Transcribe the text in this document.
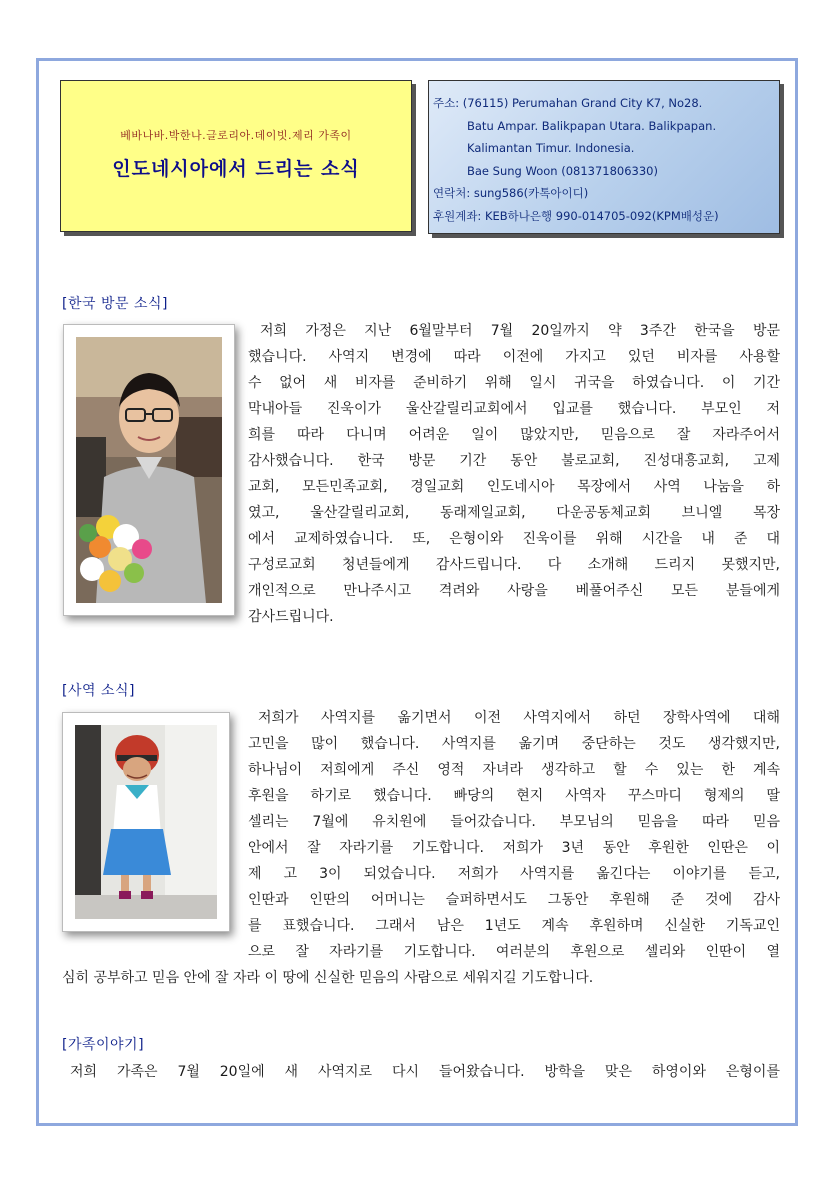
베바나바.박한나.글로리아.데이빗.제리 가족이
인도네시아에서 드리는 소식
주소: (76115) Perumahan Grand City K7, No28.
Batu Ampar. Balikpapan Utara. Balikpapan.
Kalimantan Timur. Indonesia.
Bae Sung Woon (081371806330)
연락처: sung586(카톡아이디)
후원계좌: KEB하나은행 990-014705-092(KPM배성운)
[한국 방문 소식]
저희 가정은 지난 6월말부터 7월 20일까지 약 3주간 한국을 방문
했습니다. 사역지 변경에 따라 이전에 가지고 있던 비자를 사용할
수 없어 새 비자를 준비하기 위해 일시 귀국을 하였습니다. 이 기간
막내아들 진욱이가 울산갈릴리교회에서 입교를 했습니다. 부모인 저
희를 따라 다니며 어려운 일이 많았지만, 믿음으로 잘 자라주어서
감사했습니다. 한국 방문 기간 동안 불로교회, 진성대흥교회, 고제
교회, 모든민족교회, 경일교회 인도네시아 목장에서 사역 나눔을 하
였고, 울산갈릴리교회, 동래제일교회, 다운공동체교회 브니엘 목장
에서 교제하였습니다. 또, 은형이와 진욱이를 위해 시간을 내 준 대
구성로교회 청년들에게 감사드립니다. 다 소개해 드리지 못했지만,
개인적으로 만나주시고 격려와 사랑을 베풀어주신 모든 분들에게
감사드립니다.
[사역 소식]
저희가 사역지를 옮기면서 이전 사역지에서 하던 장학사역에 대해
고민을 많이 했습니다. 사역지를 옮기며 중단하는 것도 생각했지만,
하나님이 저희에게 주신 영적 자녀라 생각하고 할 수 있는 한 계속
후원을 하기로 했습니다. 빠당의 현지 사역자 꾸스마디 형제의 딸
셀리는 7월에 유치원에 들어갔습니다. 부모님의 믿음을 따라 믿음
안에서 잘 자라기를 기도합니다. 저희가 3년 동안 후원한 인딴은 이
제 고 3이 되었습니다. 저희가 사역지를 옮긴다는 이야기를 듣고,
인딴과 인딴의 어머니는 슬퍼하면서도 그동안 후원해 준 것에 감사
를 표했습니다. 그래서 남은 1년도 계속 후원하며 신실한 기독교인
으로 잘 자라기를 기도합니다. 여러분의 후원으로 셀리와 인딴이 열
심히 공부하고 믿음 안에 잘 자라 이 땅에 신실한 믿음의 사람으로 세워지길 기도합니다.
[가족이야기]
저희 가족은 7월 20일에 새 사역지로 다시 들어왔습니다. 방학을 맞은 하영이와 은형이를
